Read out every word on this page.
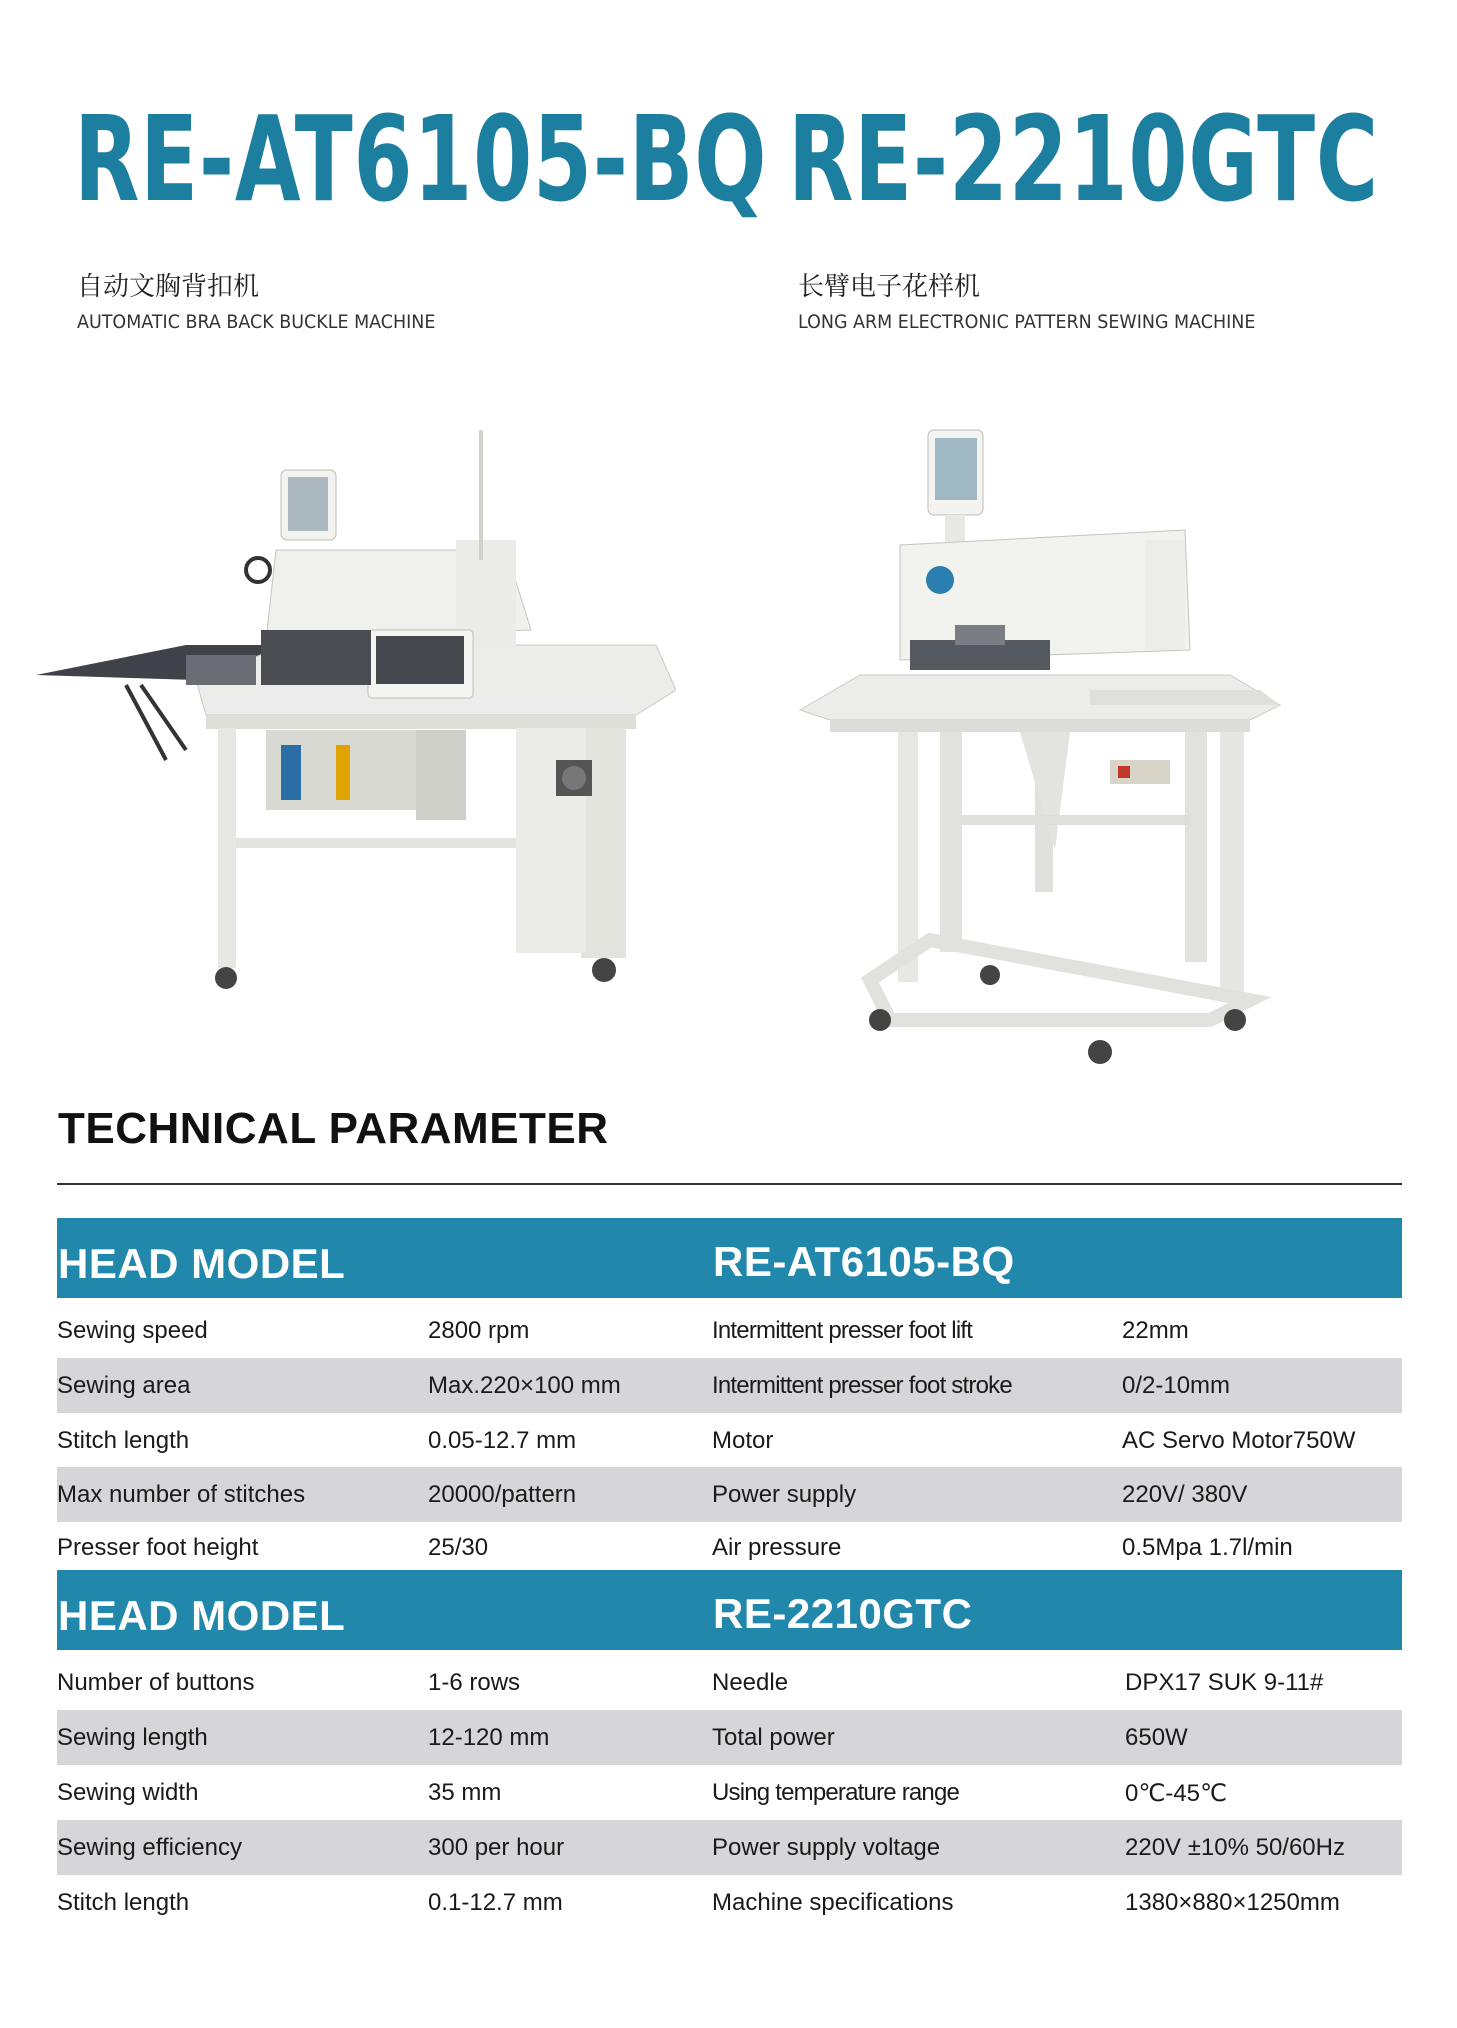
RE-AT6105-BQ RE-2210GTC
自动文胸背扣机
AUTOMATIC BRA BACK BUCKLE MACHINE
长臂电子花样机
LONG ARM ELECTRONIC PATTERN SEWING MACHINE
TECHNICAL PARAMETER
HEAD MODEL	RE-AT6105-BQ
Sewing speed	2800 rpm	Intermittent presser foot lift	22mm
Sewing area	Max.220×100 mm	Intermittent presser foot stroke	0/2-10mm
Stitch length	0.05-12.7 mm	Motor	AC Servo Motor750W
Max number of stitches	20000/pattern	Power supply	220V/ 380V
Presser foot height	25/30	Air pressure	0.5Mpa 1.7l/min
HEAD MODEL	RE-2210GTC
Number of buttons	1-6 rows	Needle	DPX17 SUK 9-11#
Sewing length	12-120 mm	Total power	650W
Sewing width	35 mm	Using temperature range	0℃-45℃
Sewing efficiency	300 per hour	Power supply voltage	220V ±10% 50/60Hz
Stitch length	0.1-12.7 mm	Machine specifications	1380×880×1250mm
